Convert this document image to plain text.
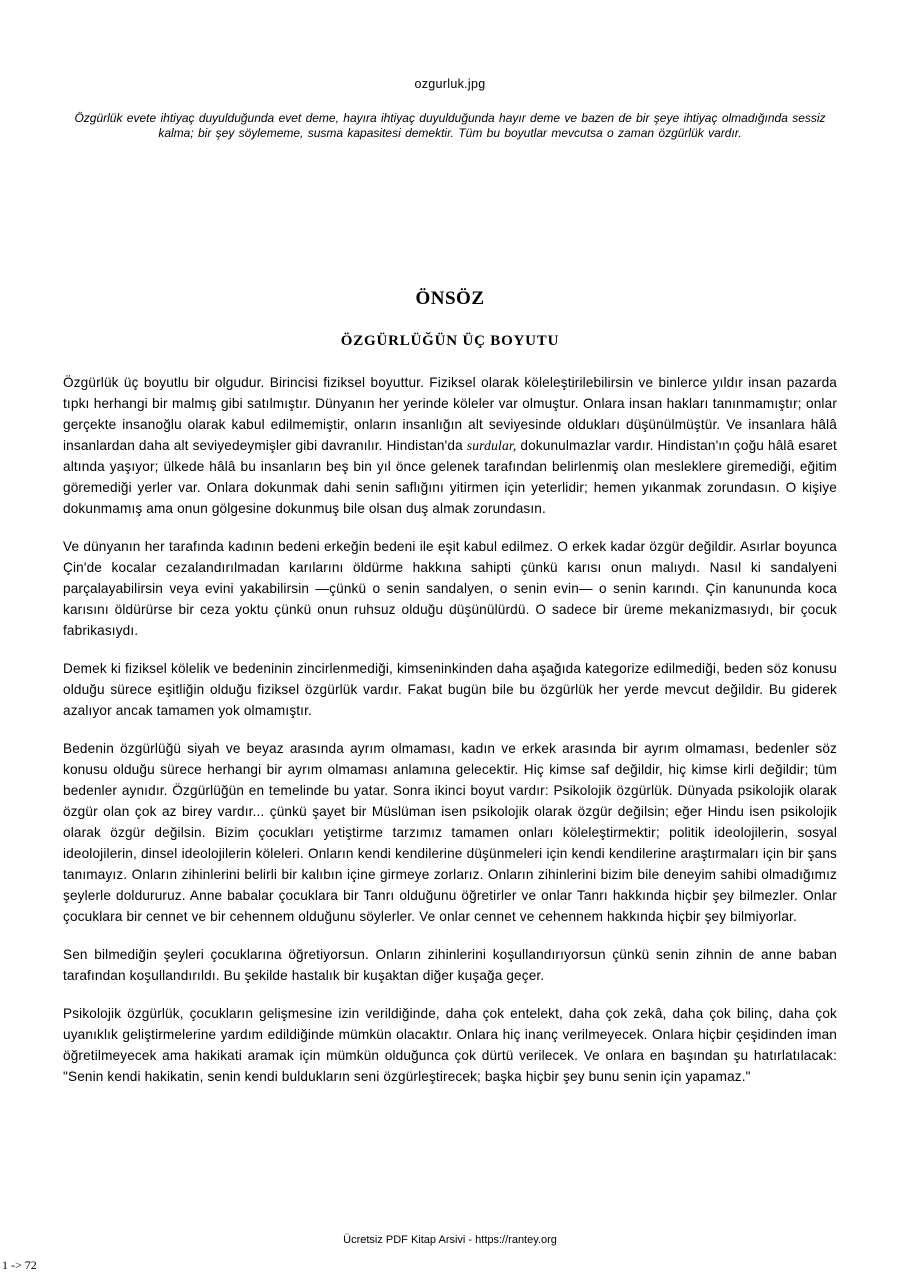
ozgurluk.jpg
Özgürlük evete ihtiyaç duyulduğunda evet deme, hayıra ihtiyaç duyulduğunda hayır deme ve bazen de bir şeye ihtiyaç olmadığında sessiz kalma; bir şey söylememe, susma kapasitesi demektir. Tüm bu boyutlar mevcutsa o zaman özgürlük vardır.
ÖNSÖZ
ÖZGÜRLÜĞÜN ÜÇ BOYUTU

Özgürlük üç boyutlu bir olgudur. Birincisi fiziksel boyuttur. Fiziksel olarak köleleştirilebilirsin ve binlerce yıldır insan pazarda tıpkı herhangi bir malmış gibi satılmıştır. Dünyanın her yerinde köleler var olmuştur. Onlara insan hakları tanınmamıştır; onlar gerçekte insanoğlu olarak kabul edilmemiştir, onların insanlığın alt seviyesinde oldukları düşünülmüştür. Ve insanlara hâlâ insanlardan daha alt seviyedeymişler gibi davranılır. Hindistan'da surdular, dokunulmazlar vardır. Hindistan'ın çoğu hâlâ esaret altında yaşıyor; ülkede hâlâ bu insanların beş bin yıl önce gelenek tarafından belirlenmiş olan mesleklere giremediği, eğitim göremediği yerler var. Onlara dokunmak dahi senin saflığını yitirmen için yeterlidir; hemen yıkanmak zorundasın. O kişiye dokunmamış ama onun gölgesine dokunmuş bile olsan duş almak zorundasın.

Ve dünyanın her tarafında kadının bedeni erkeğin bedeni ile eşit kabul edilmez. O erkek kadar özgür değildir. Asırlar boyunca Çin'de kocalar cezalandırılmadan karılarını öldürme hakkına sahipti çünkü karısı onun malıydı. Nasıl ki sandalyeni parçalayabilirsin veya evini yakabilirsin —çünkü o senin sandalyen, o senin evin— o senin karındı. Çin kanununda koca karısını öldürürse bir ceza yoktu çünkü onun ruhsuz olduğu düşünülürdü. O sadece bir üreme mekanizmasıydı, bir çocuk fabrikasıydı.

Demek ki fiziksel kölelik ve bedeninin zincirlenmediği, kimseninkinden daha aşağıda kategorize edilmediği, beden söz konusu olduğu sürece eşitliğin olduğu fiziksel özgürlük vardır. Fakat bugün bile bu özgürlük her yerde mevcut değildir. Bu giderek azalıyor ancak tamamen yok olmamıştır.

Bedenin özgürlüğü siyah ve beyaz arasında ayrım olmaması, kadın ve erkek arasında bir ayrım olmaması, bedenler söz konusu olduğu sürece herhangi bir ayrım olmaması anlamına gelecektir. Hiç kimse saf değildir, hiç kimse kirli değildir; tüm bedenler aynıdır. Özgürlüğün en temelinde bu yatar. Sonra ikinci boyut vardır: Psikolojik özgürlük. Dünyada psikolojik olarak özgür olan çok az birey vardır... çünkü şayet bir Müslüman isen psikolojik olarak özgür değilsin; eğer Hindu isen psikolojik olarak özgür değilsin. Bizim çocukları yetiştirme tarzımız tamamen onları köleleştirmektir; politik ideolojilerin, sosyal ideolojilerin, dinsel ideolojilerin köleleri. Onların kendi kendilerine düşünmeleri için kendi kendilerine araştırmaları için bir şans tanımayız. Onların zihinlerini belirli bir kalıbın içine girmeye zorlarız. Onların zihinlerini bizim bile deneyim sahibi olmadığımız şeylerle doldururuz. Anne babalar çocuklara bir Tanrı olduğunu öğretirler ve onlar Tanrı hakkında hiçbir şey bilmezler. Onlar çocuklara bir cennet ve bir cehennem olduğunu söylerler. Ve onlar cennet ve cehennem hakkında hiçbir şey bilmiyorlar.

Sen bilmediğin şeyleri çocuklarına öğretiyorsun. Onların zihinlerini koşullandırıyorsun çünkü senin zihnin de anne baban tarafından koşullandırıldı. Bu şekilde hastalık bir kuşaktan diğer kuşağa geçer.

Psikolojik özgürlük, çocukların gelişmesine izin verildiğinde, daha çok entelekt, daha çok zekâ, daha çok bilinç, daha çok uyanıklık geliştirmelerine yardım edildiğinde mümkün olacaktır. Onlara hiç inanç verilmeyecek. Onlara hiçbir çeşidinden iman öğretilmeyecek ama hakikati aramak için mümkün olduğunca çok dürtü verilecek. Ve onlara en başından şu hatırlatılacak: "Senin kendi hakikatin, senin kendi buldukların seni özgürleştirecek; başka hiçbir şey bunu senin için yapamaz."

Ücretsiz PDF Kitap Arsivi - https://rantey.org
1 -> 72
